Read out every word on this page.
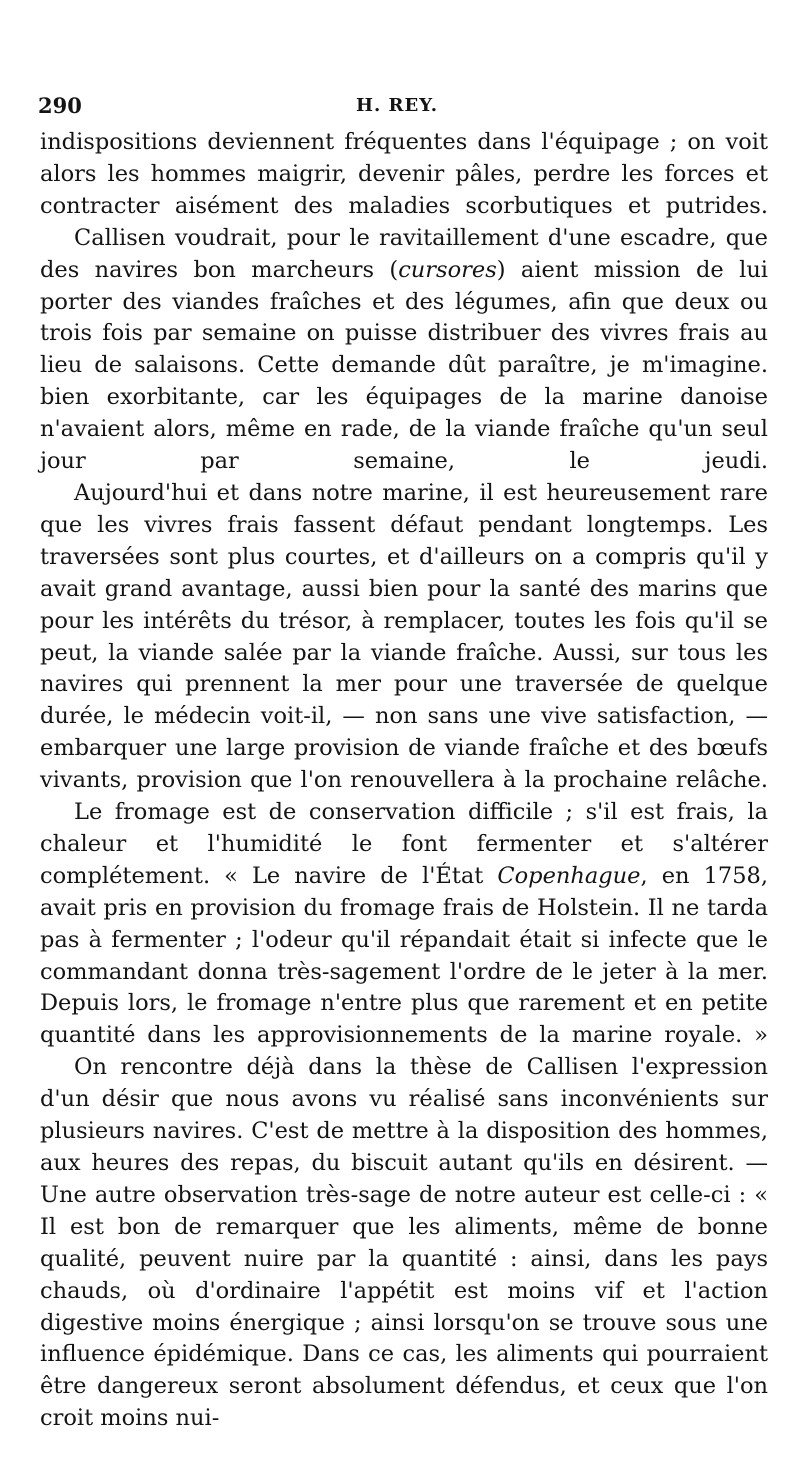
290	H. REY.

indispositions deviennent fréquentes dans l'équipage ; on voit alors les hommes maigrir, devenir pâles, perdre les forces et contracter aisément des maladies scorbutiques et putrides.

Callisen voudrait, pour le ravitaillement d'une escadre, que des navires bon marcheurs (cursores) aient mission de lui porter des viandes fraîches et des légumes, afin que deux ou trois fois par semaine on puisse distribuer des vivres frais au lieu de salaisons. Cette demande dût paraître, je m'imagine. bien exorbitante, car les équipages de la marine danoise n'avaient alors, même en rade, de la viande fraîche qu'un seul jour par semaine, le jeudi.

Aujourd'hui et dans notre marine, il est heureusement rare que les vivres frais fassent défaut pendant longtemps. Les traversées sont plus courtes, et d'ailleurs on a compris qu'il y avait grand avantage, aussi bien pour la santé des marins que pour les intérêts du trésor, à remplacer, toutes les fois qu'il se peut, la viande salée par la viande fraîche. Aussi, sur tous les navires qui prennent la mer pour une traversée de quelque durée, le médecin voit-il, — non sans une vive satisfaction, — embarquer une large provision de viande fraîche et des bœufs vivants, provision que l'on renouvellera à la prochaine relâche.

Le fromage est de conservation difficile ; s'il est frais, la chaleur et l'humidité le font fermenter et s'altérer complétement. « Le navire de l'État Copenhague, en 1758, avait pris en provision du fromage frais de Holstein. Il ne tarda pas à fermenter ; l'odeur qu'il répandait était si infecte que le commandant donna très-sagement l'ordre de le jeter à la mer. Depuis lors, le fromage n'entre plus que rarement et en petite quantité dans les approvisionnements de la marine royale. »

On rencontre déjà dans la thèse de Callisen l'expression d'un désir que nous avons vu réalisé sans inconvénients sur plusieurs navires. C'est de mettre à la disposition des hommes, aux heures des repas, du biscuit autant qu'ils en désirent. — Une autre observation très-sage de notre auteur est celle-ci : « Il est bon de remarquer que les aliments, même de bonne qualité, peuvent nuire par la quantité : ainsi, dans les pays chauds, où d'ordinaire l'appétit est moins vif et l'action digestive moins énergique ; ainsi lorsqu'on se trouve sous une influence épidémique. Dans ce cas, les aliments qui pourraient être dangereux seront absolument défendus, et ceux que l'on croit moins nui-
